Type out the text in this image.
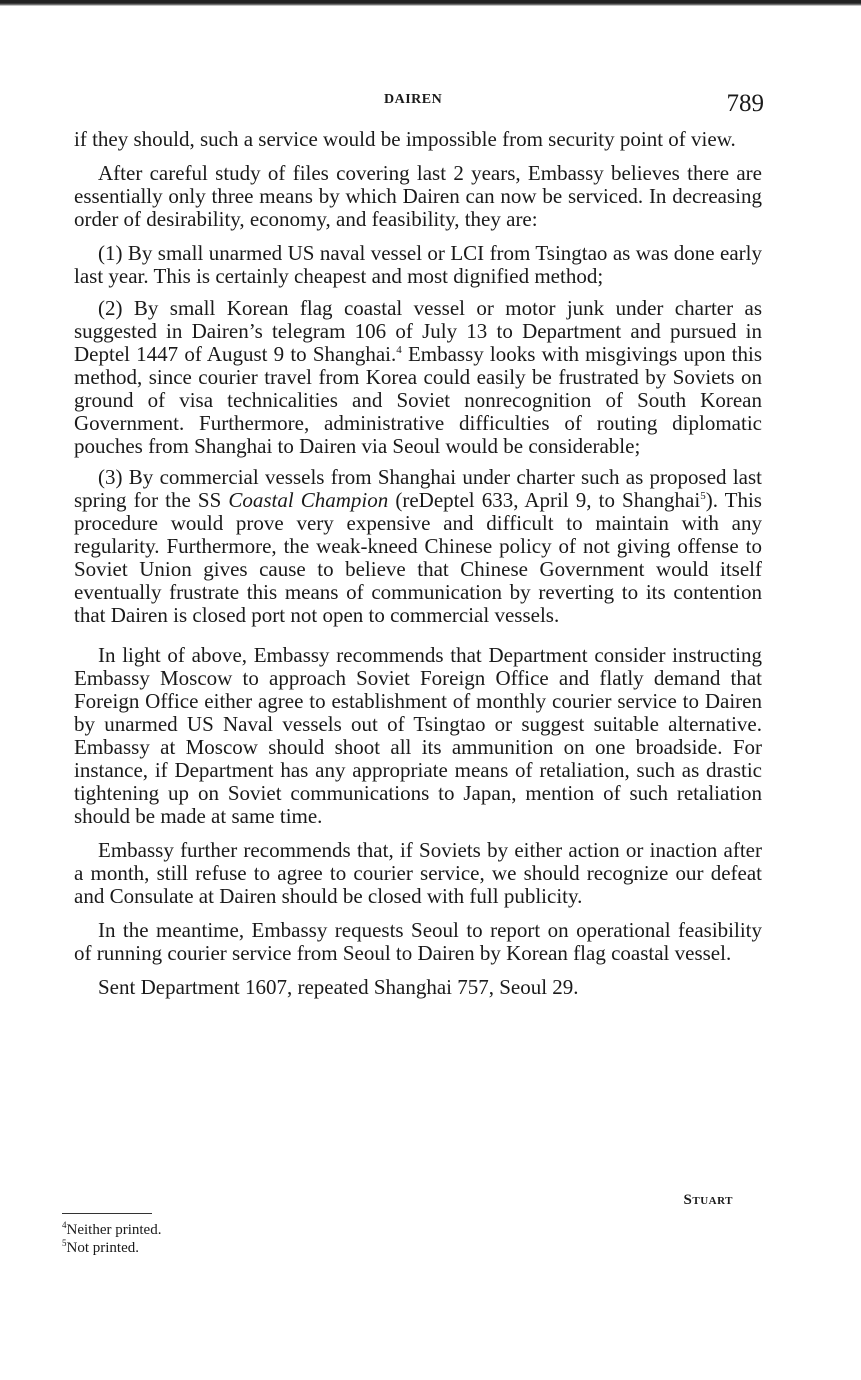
DAIREN	789

if they should, such a service would be impossible from security point of view.

After careful study of files covering last 2 years, Embassy believes there are essentially only three means by which Dairen can now be serviced. In decreasing order of desirability, economy, and feasibility, they are:

(1) By small unarmed US naval vessel or LCI from Tsingtao as was done early last year. This is certainly cheapest and most dignified method;

(2) By small Korean flag coastal vessel or motor junk under charter as suggested in Dairen’s telegram 106 of July 13 to Department and pursued in Deptel 1447 of August 9 to Shanghai.$^4$ Embassy looks with misgivings upon this method, since courier travel from Korea could easily be frustrated by Soviets on ground of visa technicalities and Soviet nonrecognition of South Korean Government. Furthermore, administrative difficulties of routing diplomatic pouches from Shanghai to Dairen via Seoul would be considerable;

(3) By commercial vessels from Shanghai under charter such as proposed last spring for the SS Coastal Champion (reDeptel 633, April 9, to Shanghai$^5$). This procedure would prove very expensive and difficult to maintain with any regularity. Furthermore, the weak-kneed Chinese policy of not giving offense to Soviet Union gives cause to believe that Chinese Government would itself eventually frustrate this means of communication by reverting to its contention that Dairen is closed port not open to commercial vessels.

In light of above, Embassy recommends that Department consider instructing Embassy Moscow to approach Soviet Foreign Office and flatly demand that Foreign Office either agree to establishment of monthly courier service to Dairen by unarmed US Naval vessels out of Tsingtao or suggest suitable alternative. Embassy at Moscow should shoot all its ammunition on one broadside. For instance, if Department has any appropriate means of retaliation, such as drastic tightening up on Soviet communications to Japan, mention of such retaliation should be made at same time.

Embassy further recommends that, if Soviets by either action or inaction after a month, still refuse to agree to courier service, we should recognize our defeat and Consulate at Dairen should be closed with full publicity.

In the meantime, Embassy requests Seoul to report on operational feasibility of running courier service from Seoul to Dairen by Korean flag coastal vessel.

Sent Department 1607, repeated Shanghai 757, Seoul 29.

Stuart

$^4$Neither printed.

$^5$Not printed.
